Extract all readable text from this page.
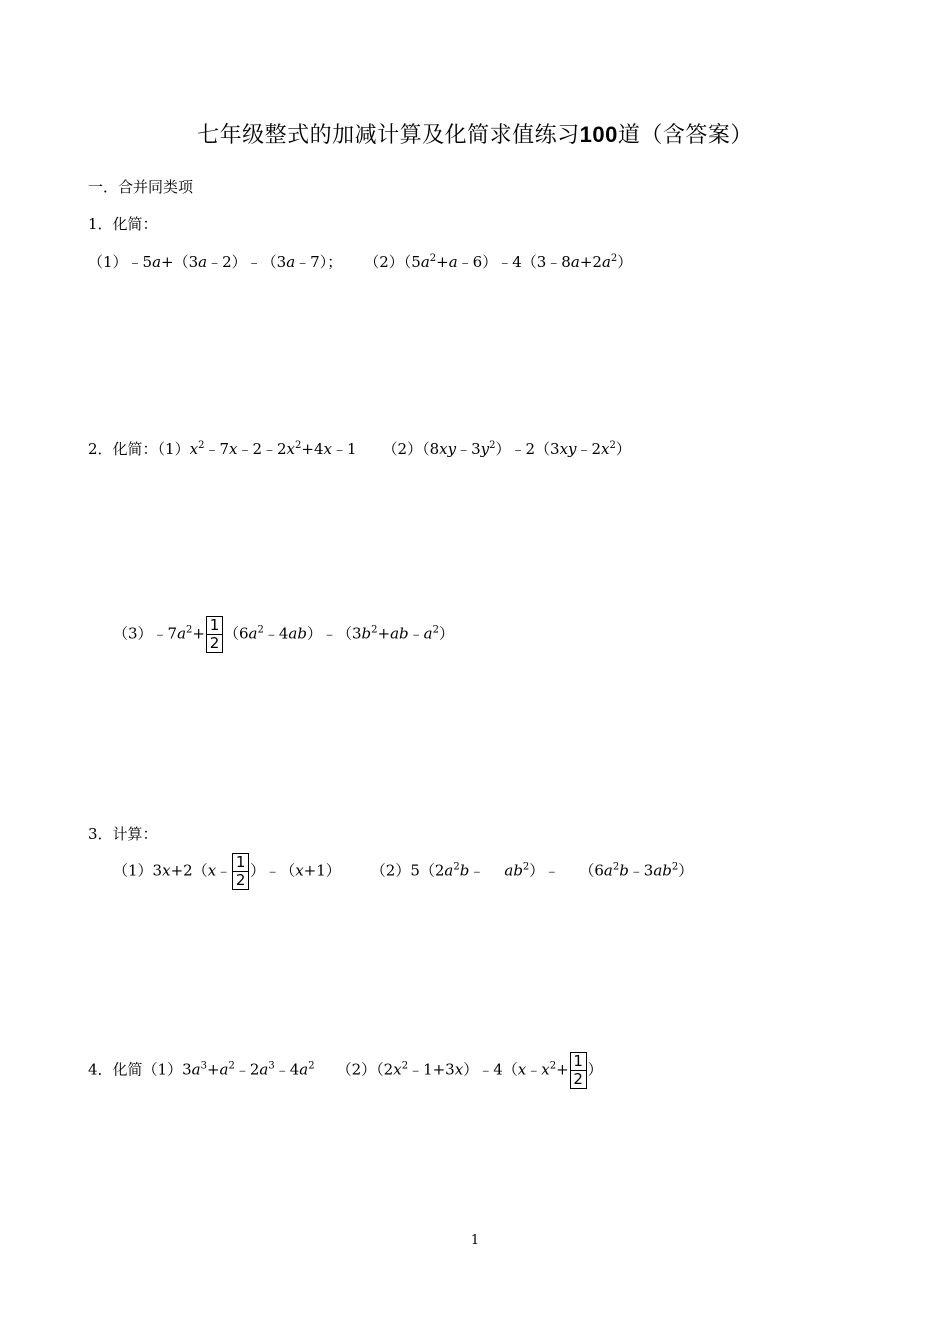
七年级整式的加减计算及化简求值练习100道（含答案）
一．合并同类项
1．化简：
（1）﹣5a+（3a﹣2）﹣（3a﹣7）； $(2)(5a^2+a﹣6)﹣4(3﹣8a+2a^2)$
2．化简：$(1)x^2﹣7x﹣2﹣2x^2+4x﹣1$ $(2)(8xy﹣3y^2)﹣2(3xy﹣2x^2)$
$(3)﹣7a^2+ \frac{1}{2}$ $(6a^2﹣4ab)﹣(3b^2+ab﹣a^2)$
3．计算：
（1）3x+2（x﹣ $\frac{1}{2}$ ）﹣（x+1） $(2)5(2a^2b﹣$ $ab^2)﹣$ $(6a^2b﹣3ab^2)$
4．化简$(1)3a^3+a^2﹣2a^3﹣4a^2$ $(2)(2x^2﹣1+3x)﹣4(x﹣x^2+ \frac{1}{2}$ ）
1
